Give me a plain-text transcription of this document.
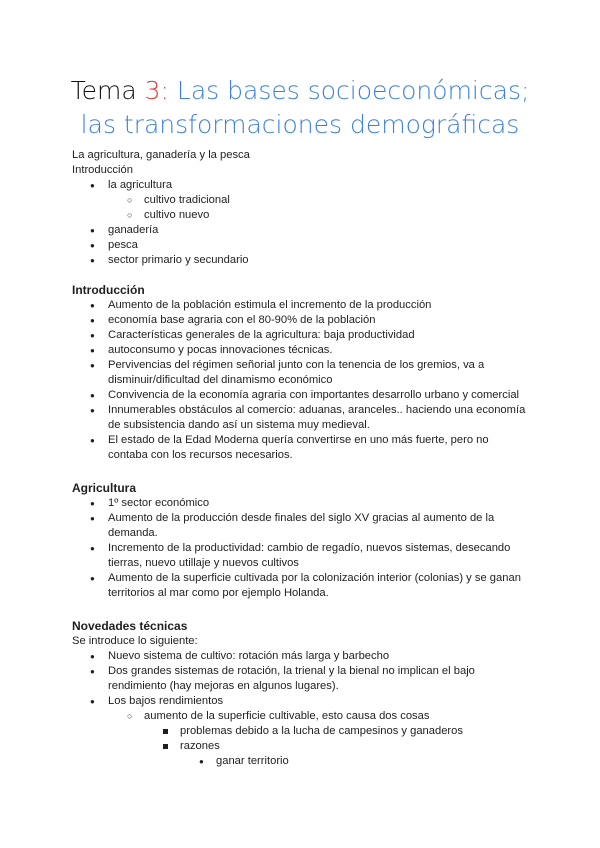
Tema 3: Las bases socioeconómicas;
las transformaciones demográficas
La agricultura, ganadería y la pesca
Introducción
● la agricultura
○ cultivo tradicional
○ cultivo nuevo
● ganadería
● pesca
● sector primario y secundario
Introducción
● Aumento de la población estimula el incremento de la producción
● economía base agraria con el 80-90% de la población
● Características generales de la agricultura: baja productividad
● autoconsumo y pocas innovaciones técnicas.
● Pervivencias del régimen señorial junto con la tenencia de los gremios, va a
disminuir/dificultad del dinamismo económico
● Convivencia de la economía agraria con importantes desarrollo urbano y comercial
● Innumerables obstáculos al comercio: aduanas, aranceles.. haciendo una economía
de subsistencia dando así un sistema muy medieval.
● El estado de la Edad Moderna quería convertirse en uno más fuerte, pero no
contaba con los recursos necesarios.
Agricultura
● 1º sector económico
● Aumento de la producción desde finales del siglo XV gracias al aumento de la
demanda.
● Incremento de la productividad: cambio de regadío, nuevos sistemas, desecando
tierras, nuevo utillaje y nuevos cultivos
● Aumento de la superficie cultivada por la colonización interior (colonias) y se ganan
territorios al mar como por ejemplo Holanda.
Novedades técnicas
Se introduce lo siguiente:
● Nuevo sistema de cultivo: rotación más larga y barbecho
● Dos grandes sistemas de rotación, la trienal y la bienal no implican el bajo
rendimiento (hay mejoras en algunos lugares).
● Los bajos rendimientos
○ aumento de la superficie cultivable, esto causa dos cosas
problemas debido a la lucha de campesinos y ganaderos
razones
● ganar territorio
